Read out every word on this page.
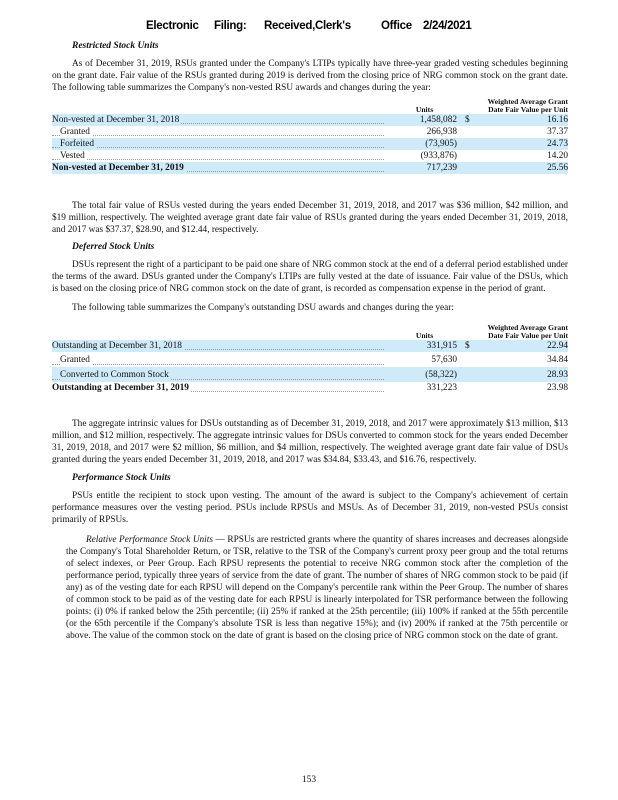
Electronic Filing: Received,Clerk's	Office 2/24/2021
Restricted Stock Units

As of December 31, 2019, RSUs granted under the Company's LTIPs typically have three-year graded vesting schedules beginning on the grant date. Fair value of the RSUs granted during 2019 is derived from the closing price of NRG common stock on the grant date. The following table summarizes the Company's non-vested RSU awards and changes during the year:

	Units	Weighted Average Grant
Date Fair Value per Unit	

Non-vested at December 31, 2018	1,458,082	$	16.16
Granted	266,938		37.37
Forfeited	(73,905)		24.73
Vested	(933,876)		14.20
Non-vested at December 31, 2019	717,239		25.56

The total fair value of RSUs vested during the years ended December 31, 2019, 2018, and 2017 was $36 million, $42 million, and $19 million, respectively. The weighted average grant date fair value of RSUs granted during the years ended December 31, 2019, 2018, and 2017 was $37.37, $28.90, and $12.44, respectively.

Deferred Stock Units

DSUs represent the right of a participant to be paid one share of NRG common stock at the end of a deferral period established under the terms of the award. DSUs granted under the Company's LTIPs are fully vested at the date of issuance. Fair value of the DSUs, which is based on the closing price of NRG common stock on the date of grant, is recorded as compensation expense in the period of grant.

The following table summarizes the Company's outstanding DSU awards and changes during the year:

	Units	Weighted Average Grant
Date Fair Value per Unit	

Outstanding at December 31, 2018	331,915	$	22.94
Granted	57,630		34.84
Converted to Common Stock	(58,322)		28.93
Outstanding at December 31, 2019	331,223		23.98

The aggregate intrinsic values for DSUs outstanding as of December 31, 2019, 2018, and 2017 were approximately $13 million, $13 million, and $12 million, respectively. The aggregate intrinsic values for DSUs converted to common stock for the years ended December 31, 2019, 2018, and 2017 were $2 million, $6 million, and $4 million, respectively. The weighted average grant date fair value of DSUs granted during the years ended December 31, 2019, 2018, and 2017 was $34.84, $33.43, and $16.76, respectively.

Performance Stock Units

PSUs entitle the recipient to stock upon vesting. The amount of the award is subject to the Company's achievement of certain performance measures over the vesting period. PSUs include RPSUs and MSUs. As of December 31, 2019, non-vested PSUs consist primarily of RPSUs.

Relative Performance Stock Units — RPSUs are restricted grants where the quantity of shares increases and decreases alongside the Company's Total Shareholder Return, or TSR, relative to the TSR of the Company's current proxy peer group and the total returns of select indexes, or Peer Group. Each RPSU represents the potential to receive NRG common stock after the completion of the performance period, typically three years of service from the date of grant. The number of shares of NRG common stock to be paid (if any) as of the vesting date for each RPSU will depend on the Company's percentile rank within the Peer Group. The number of shares of common stock to be paid as of the vesting date for each RPSU is linearly interpolated for TSR performance between the following points: (i) 0% if ranked below the 25th percentile; (ii) 25% if ranked at the 25th percentile; (iii) 100% if ranked at the 55th percentile (or the 65th percentile if the Company's absolute TSR is less than negative 15%); and (iv) 200% if ranked at the 75th percentile or above. The value of the common stock on the date of grant is based on the closing price of NRG common stock on the date of grant.

153
